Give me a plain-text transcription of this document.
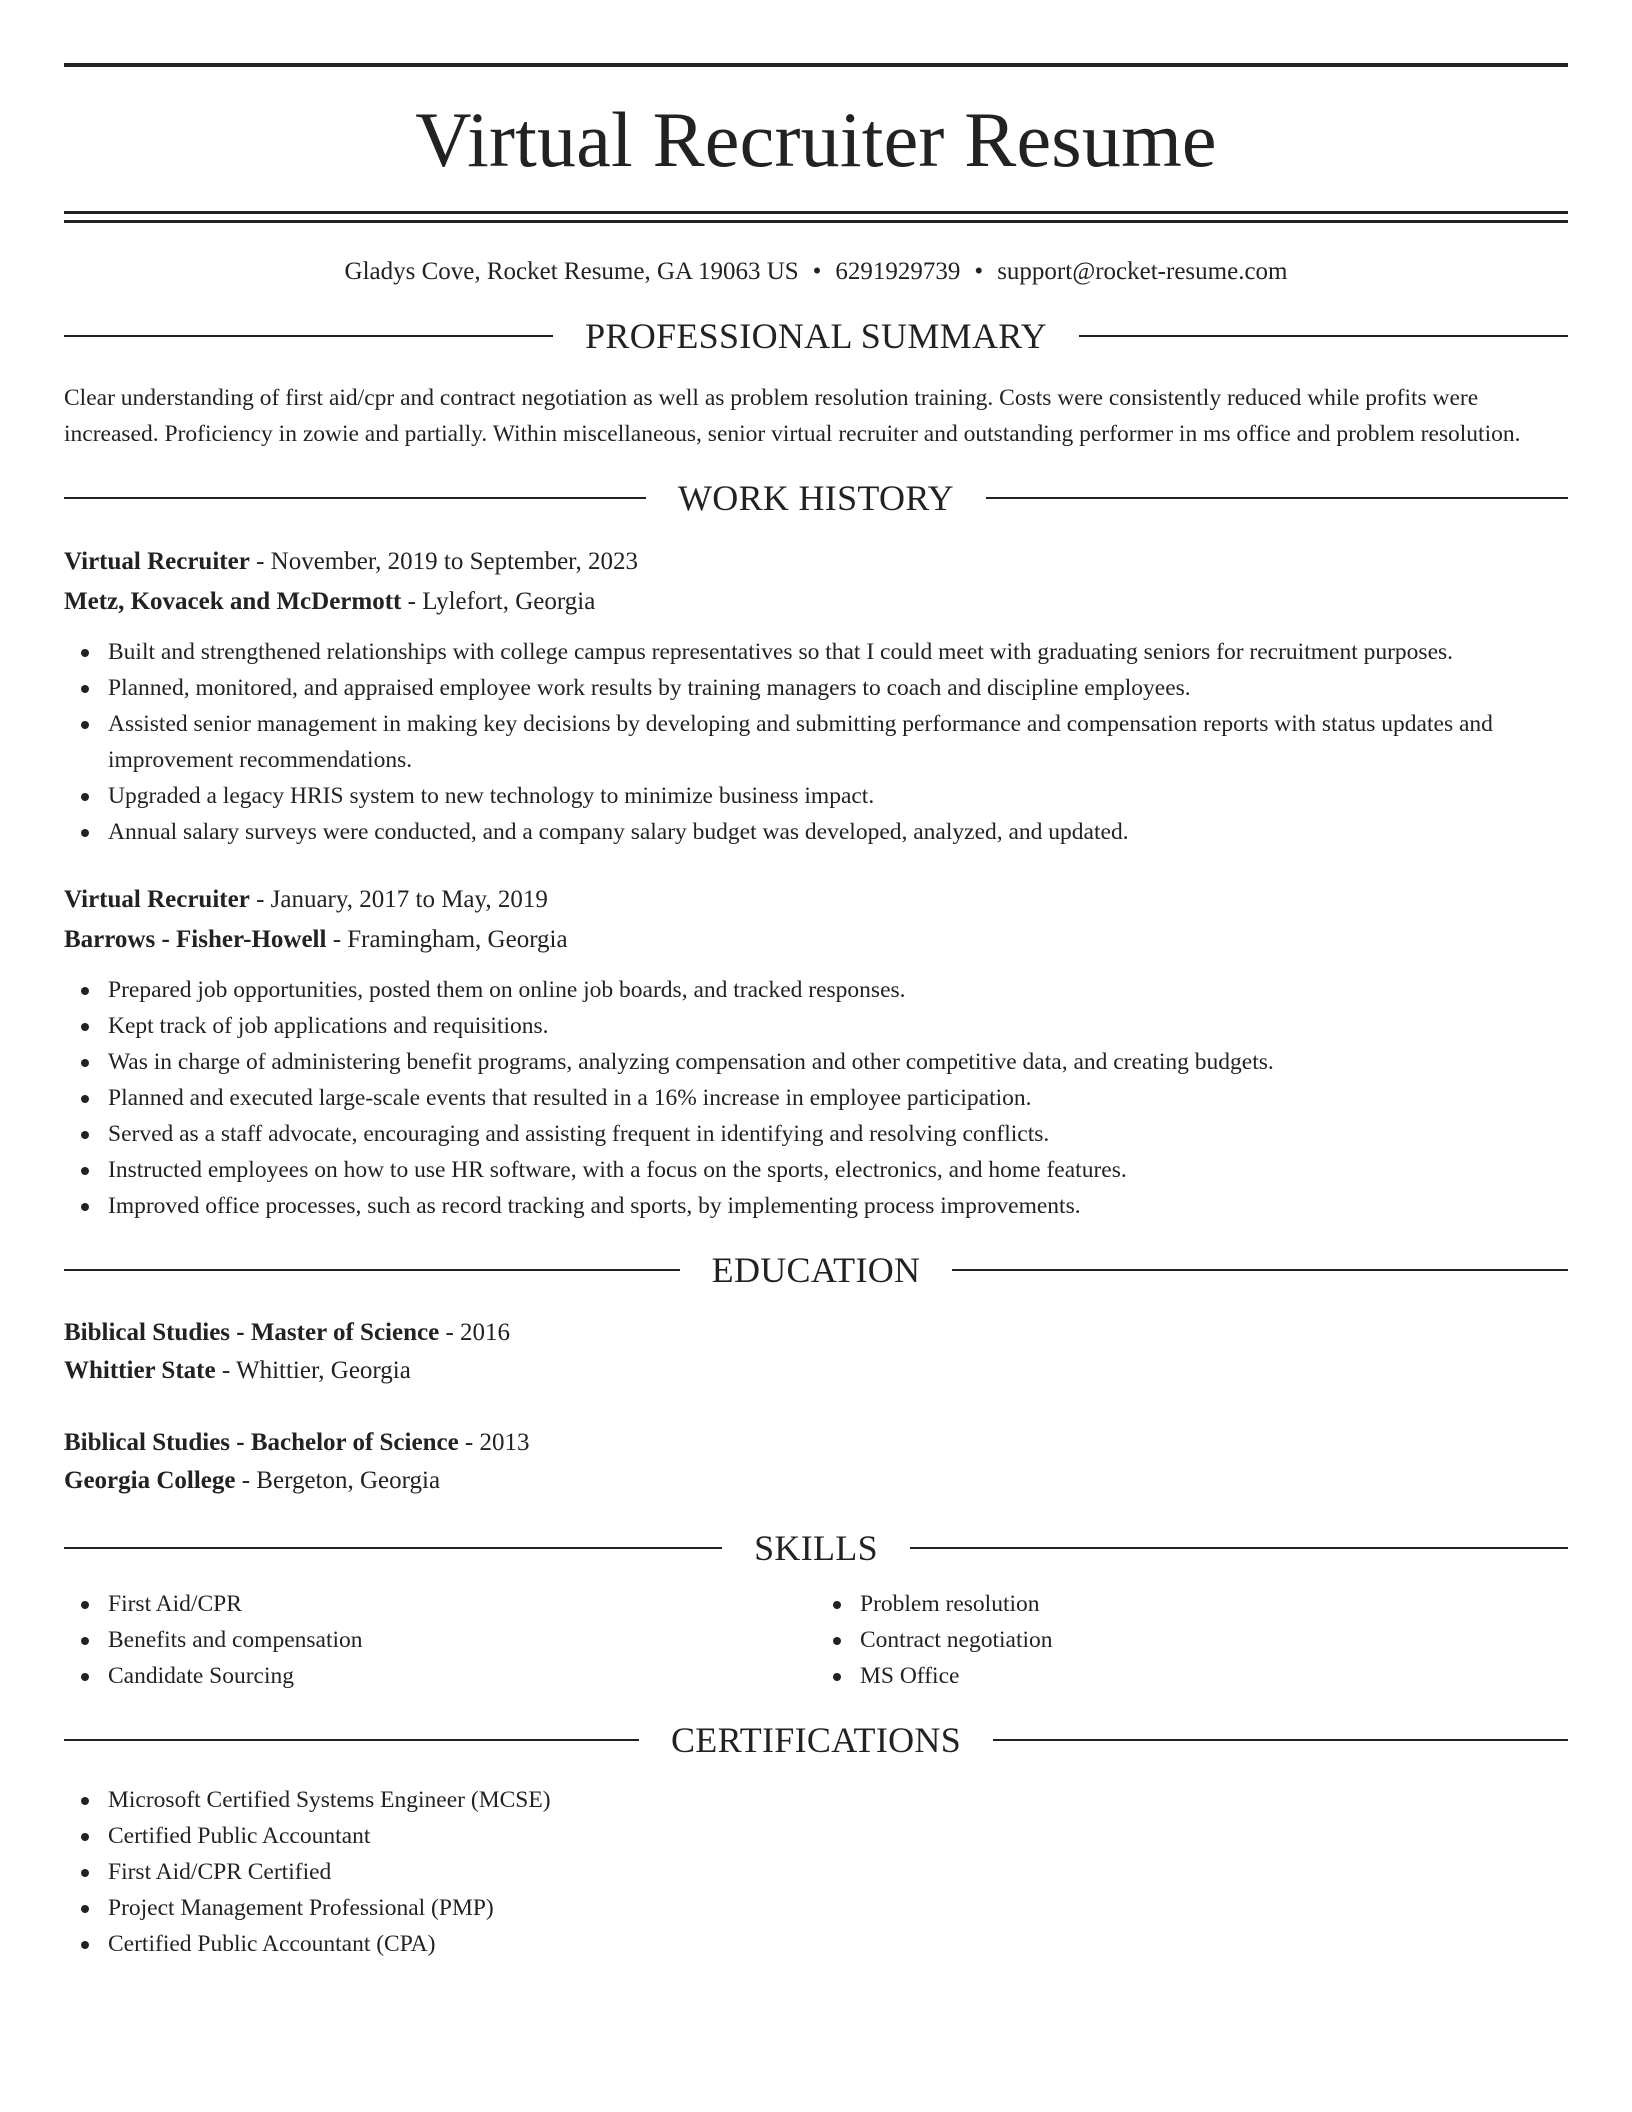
Virtual Recruiter Resume
Gladys Cove, Rocket Resume, GA 19063 US • 6291929739 • support@rocket-resume.com
PROFESSIONAL SUMMARY

Clear understanding of first aid/cpr and contract negotiation as well as problem resolution training. Costs were consistently reduced while profits were increased. Proficiency in zowie and partially. Within miscellaneous, senior virtual recruiter and outstanding performer in ms office and problem resolution.

WORK HISTORY
Virtual Recruiter - November, 2019 to September, 2023
Metz, Kovacek and McDermott - Lylefort, Georgia
Built and strengthened relationships with college campus representatives so that I could meet with graduating seniors for recruitment purposes.
Planned, monitored, and appraised employee work results by training managers to coach and discipline employees.
Assisted senior management in making key decisions by developing and submitting performance and compensation reports with status updates and improvement recommendations.
Upgraded a legacy HRIS system to new technology to minimize business impact.
Annual salary surveys were conducted, and a company salary budget was developed, analyzed, and updated.
Virtual Recruiter - January, 2017 to May, 2019
Barrows - Fisher-Howell - Framingham, Georgia
Prepared job opportunities, posted them on online job boards, and tracked responses.
Kept track of job applications and requisitions.
Was in charge of administering benefit programs, analyzing compensation and other competitive data, and creating budgets.
Planned and executed large-scale events that resulted in a 16% increase in employee participation.
Served as a staff advocate, encouraging and assisting frequent in identifying and resolving conflicts.
Instructed employees on how to use HR software, with a focus on the sports, electronics, and home features.
Improved office processes, such as record tracking and sports, by implementing process improvements.
EDUCATION
Biblical Studies - Master of Science - 2016
Whittier State - Whittier, Georgia
Biblical Studies - Bachelor of Science - 2013
Georgia College - Bergeton, Georgia
SKILLS
First Aid/CPR
Benefits and compensation
Candidate Sourcing
Problem resolution
Contract negotiation
MS Office
CERTIFICATIONS
Microsoft Certified Systems Engineer (MCSE)
Certified Public Accountant
First Aid/CPR Certified
Project Management Professional (PMP)
Certified Public Accountant (CPA)
